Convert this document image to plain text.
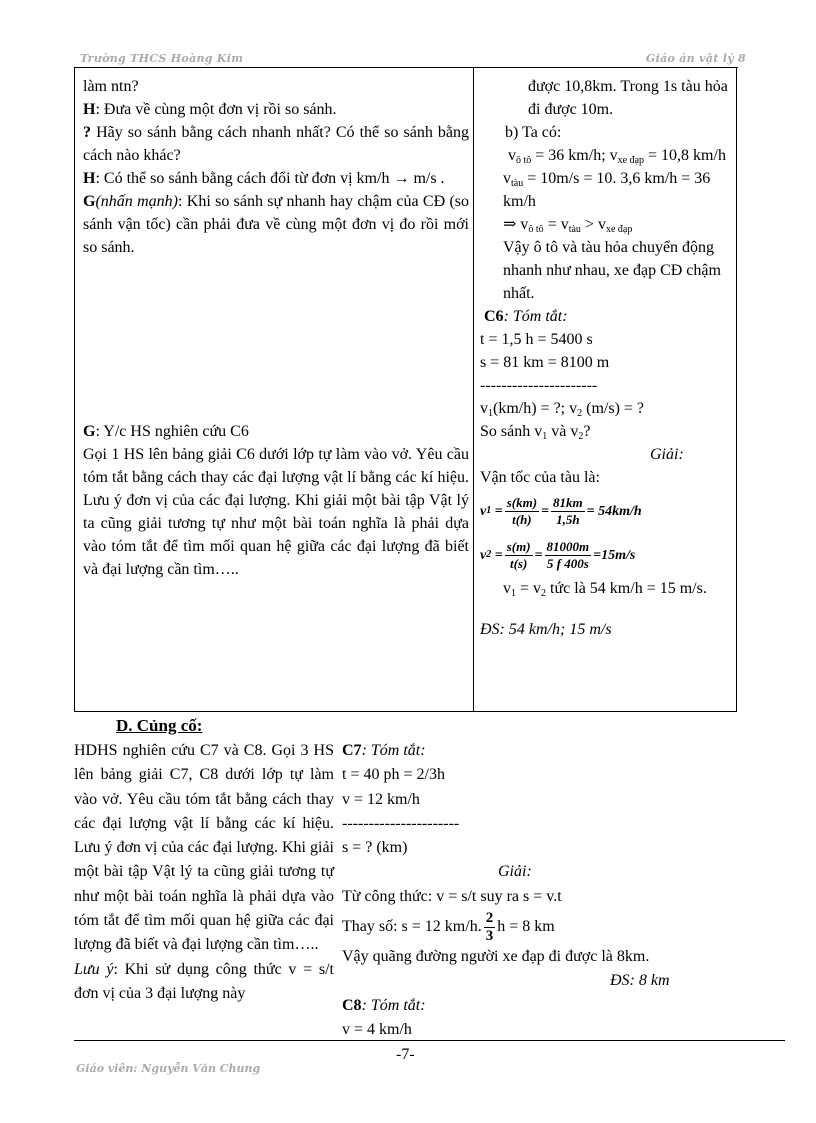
Trường THCS Hoàng Kim	Giáo án vật lý 8

làm ntn?

H: Đưa về cùng một đơn vị rồi so sánh.

? Hãy so sánh bằng cách nhanh nhất? Có thể so sánh bằng cách nào khác?

H: Có thể so sánh bằng cách đổi từ đơn vị km/h → m/s .

G(nhấn mạnh): Khi so sánh sự nhanh hay chậm của CĐ (so sánh vận tốc) cần phải đưa về cùng một đơn vị đo rồi mới so sánh.

G: Y/c HS nghiên cứu C6

Gọi 1 HS lên bảng giải C6 dưới lớp tự làm vào vở. Yêu cầu tóm tắt bằng cách thay các đại lượng vật lí bằng các kí hiệu. Lưu ý đơn vị của các đại lượng. Khi giải một bài tập Vật lý ta cũng giải tương tự như một bài toán nghĩa là phải dựa vào tóm tắt để tìm mối quan hệ giữa các đại lượng đã biết và đại lượng cần tìm…..

được 10,8km. Trong 1s tàu hỏa đi được 10m.

b) Ta có:

$v_{ô tô} = 36$ km/h; $v_{xe đạp} = 10,8$ km/h

$v_{tàu} = 10m/s = 10$. 3,6 km/h = 36 km/h

⇒ $v_{ô tô} = v_{tàu} > v_{xe đạp}$

Vậy ô tô và tàu hỏa chuyển động nhanh như nhau, xe đạp CĐ chậm nhất.

C6: Tóm tắt:

t = 1,5 h = 5400 s

s = 81 km = 8100 m

----------------------

$v_1(km/h)$ = ?; $v_2$ (m/s) = ?

So sánh $v_1$ và $v_2$?

Giải:

Vận tốc của tàu là:

v $1 = \frac{s(km)}{t(h)} = \frac{81km}{1,5h} = 54km/h$
v $2 = \frac{s(m)}{t(s)} = \frac{81000m}{5 f 400s} =15m/s$

$v_1 = v_2$ tức là 54 km/h = 15 m/s.

ĐS: 54 km/h; 15 m/s

D. Củng cố:

HDHS nghiên cứu C7 và C8. Gọi 3 HS lên bảng giải C7, C8 dưới lớp tự làm vào vở. Yêu cầu tóm tắt bằng cách thay các đại lượng vật lí bằng các kí hiệu. Lưu ý đơn vị của các đại lượng. Khi giải một bài tập Vật lý ta cũng giải tương tự như một bài toán nghĩa là phải dựa vào tóm tắt để tìm mối quan hệ giữa các đại lượng đã biết và đại lượng cần tìm…..

Lưu ý: Khi sử dụng công thức v = s/t đơn vị của 3 đại lượng này

C7: Tóm tắt:

t = 40 ph = 2/3h

v = 12 km/h

----------------------

s = ? (km)

Giải:

Từ công thức: v = s/t suy ra s = v.t

Thay số: s = 12 km/h. $\frac{2}{3}$ h = 8 km

Vậy quãng đường người xe đạp đi được là 8km.

ĐS: 8 km

C8: Tóm tắt:

v = 4 km/h

-7-
Giáo viên: Nguyễn Văn Chung
